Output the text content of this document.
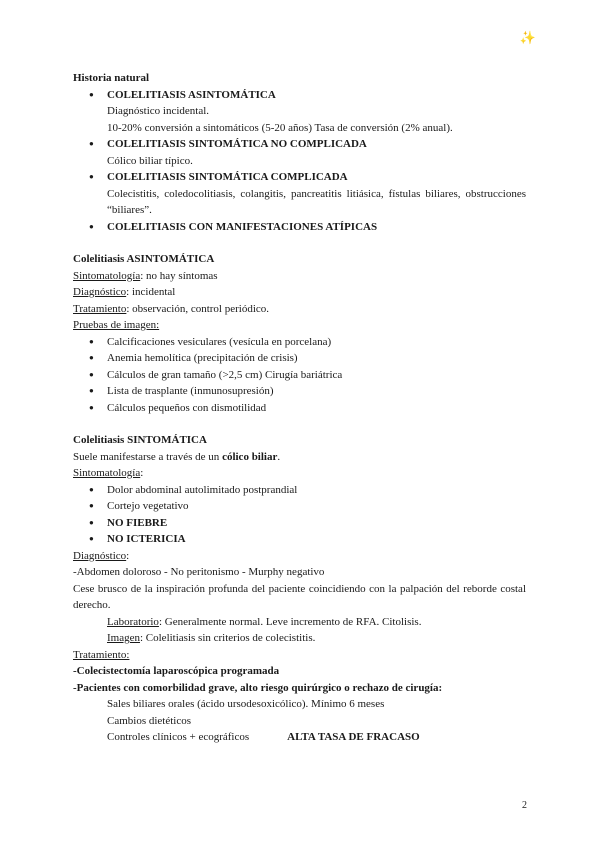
✨

Historia natural

● COLELITIASIS ASINTOMÁTICA

Diagnóstico incidental.

10-20% conversión a sintomáticos (5-20 años) Tasa de conversión (2% anual).

● COLELITIASIS SINTOMÁTICA NO COMPLICADA

Cólico biliar típico.

● COLELITIASIS SINTOMÁTICA COMPLICADA

Colecistitis, coledocolitiasis, colangitis, pancreatitis litiásica, fístulas biliares, obstrucciones “biliares”.

● COLELITIASIS CON MANIFESTACIONES ATÍPICAS

Colelitiasis ASINTOMÁTICA

Sintomatología: no hay síntomas

Diagnóstico: incidental

Tratamiento: observación, control periódico.

Pruebas de imagen:

● Calcificaciones vesiculares (vesícula en porcelana)
● Anemia hemolítica (precipitación de crisis)
● Cálculos de gran tamaño (>2,5 cm) Cirugía bariátrica
● Lista de trasplante (inmunosupresión)
● Cálculos pequeños con dismotilidad

Colelitiasis SINTOMÁTICA

Suele manifestarse a través de un cólico biliar.

Sintomatología:

● Dolor abdominal autolimitado postprandial
● Cortejo vegetativo
● NO FIEBRE
● NO ICTERICIA

Diagnóstico:

-Abdomen doloroso - No peritonismo - Murphy negativo

Cese brusco de la inspiración profunda del paciente coincidiendo con la palpación del reborde costal derecho.

Laboratorio: Generalmente normal. Leve incremento de RFA. Citolisis.

Imagen: Colelitiasis sin criterios de colecistitis.

Tratamiento:

-Colecistectomía laparoscópica programada

-Pacientes con comorbilidad grave, alto riesgo quirúrgico o rechazo de cirugía:

Sales biliares orales (ácido ursodesoxicólico). Mínimo 6 meses

Cambios dietéticos

Controles clínicos + ecográficos	ALTA TASA DE FRACASO

2
